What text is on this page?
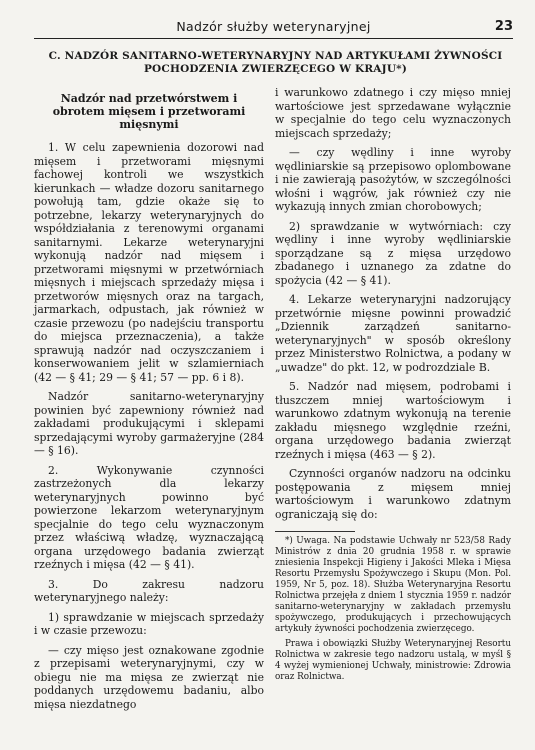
Nadzór służby weterynaryjnej	23
C. NADZÓR SANITARNO-WETERYNARYJNY NAD ARTYKUŁAMI ŻYWNOŚCI POCHODZENIA ZWIERZĘCEGO W KRAJU*)
Nadzór nad przetwórstwem i obrotem mięsem i przetworami mięsnymi

1. W celu zapewnienia dozorowi nad mięsem i przetworami mięsnymi fachowej kontroli we wszystkich kierunkach — władze dozoru sanitarnego powołują tam, gdzie okaże się to potrzebne, lekarzy weterynaryjnych do współdziałania z terenowymi organami sanitarnymi. Lekarze weterynaryjni wykonują nadzór nad mięsem i przetworami mięsnymi w przetwórniach mięsnych i miejscach sprzedaży mięsa i przetworów mięsnych oraz na targach, jarmarkach, odpustach, jak również w czasie przewozu (po nadejściu transportu do miejsca przeznaczenia), a także sprawują nadzór nad oczyszczaniem i konserwowaniem jelit w szlamierniach (42 — § 41; 29 — § 41; 57 — pp. 6 i 8).

Nadzór sanitarno-weterynaryjny powinien być zapewniony również nad zakładami produkującymi i sklepami sprzedającymi wyroby garmażeryjne (284 — § 16).

2. Wykonywanie czynności zastrzeżonych dla lekarzy weterynaryjnych powinno być powierzone lekarzom weterynaryjnym specjalnie do tego celu wyznaczonym przez właściwą władzę, wyznaczającą organa urzędowego badania zwierząt rzeźnych i mięsa (42 — § 41).

3. Do zakresu nadzoru weterynaryjnego należy:

1) sprawdzanie w miejscach sprzedaży i w czasie przewozu:

— czy mięso jest oznakowane zgodnie z przepisami weterynaryjnymi, czy w obiegu nie ma mięsa ze zwierząt nie poddanych urzędowemu badaniu, albo mięsa niezdatnego

i warunkowo zdatnego i czy mięso mniej wartościowe jest sprzedawane wyłącznie w specjalnie do tego celu wyznaczonych miejscach sprzedaży;

— czy wędliny i inne wyroby wędliniarskie są przepisowo oplombowane i nie zawierają pasożytów, w szczególności włośni i wągrów, jak również czy nie wykazują innych zmian chorobowych;

2) sprawdzanie w wytwórniach: czy wędliny i inne wyroby wędliniarskie sporządzane są z mięsa urzędowo zbadanego i uznanego za zdatne do spożycia (42 — § 41).

4. Lekarze weterynaryjni nadzorujący przetwórnie mięsne powinni prowadzić „Dziennik zarządzeń sanitarno-weterynaryjnych" w sposób określony przez Ministerstwo Rolnictwa, a podany w „uwadze" do pkt. 12, w podrozdziale B.

5. Nadzór nad mięsem, podrobami i tłuszczem mniej wartościowym i warunkowo zdatnym wykonują na terenie zakładu mięsnego względnie rzeźni, organa urzędowego badania zwierząt rzeźnych i mięsa (463 — § 2).

Czynności organów nadzoru na odcinku postępowania z mięsem mniej wartościowym i warunkowo zdatnym ograniczają się do:

*) Uwaga. Na podstawie Uchwały nr 523/58 Rady Ministrów z dnia 20 grudnia 1958 r. w sprawie zniesienia Inspekcji Higieny i Jakości Mleka i Mięsa Resortu Przemysłu Spożywczego i Skupu (Mon. Pol. 1959, Nr 5, poz. 18). Służba Weterynaryjna Resortu Rolnictwa przejęła z dniem 1 stycznia 1959 r. nadzór sanitarno-weterynaryjny w zakładach przemysłu spożywczego, produkujących i przechowujących artykuły żywności pochodzenia zwierzęcego.

Prawa i obowiązki Służby Weterynaryjnej Resortu Rolnictwa w zakresie tego nadzoru ustalą, w myśl § 4 wyżej wymienionej Uchwały, ministrowie: Zdrowia oraz Rolnictwa.
